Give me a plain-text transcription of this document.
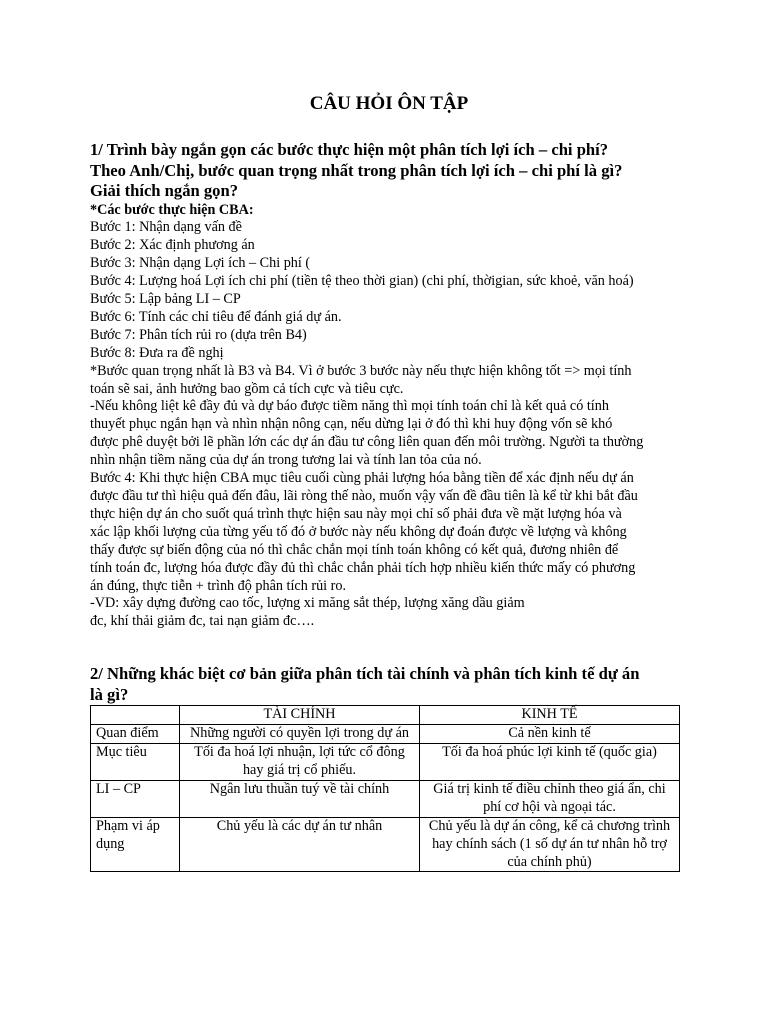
CÂU HỎI ÔN TẬP
1/ Trình bày ngắn gọn các bước thực hiện một phân tích lợi ích – chi phí?
Theo Anh/Chị, bước quan trọng nhất trong phân tích lợi ích – chi phí là gì?
Giải thích ngắn gọn?
*Các bước thực hiện CBA:
Bước 1: Nhận dạng vấn đề
Bước 2: Xác định phương án
Bước 3: Nhận dạng Lợi ích – Chi phí (
Bước 4: Lượng hoá Lợi ích chi phí (tiền tệ theo thời gian) (chi phí, thờigian, sức khoẻ, văn hoá)
Bước 5: Lập bảng LI – CP
Bước 6: Tính các chỉ tiêu để đánh giá dự án.
Bước 7: Phân tích rủi ro (dựa trên B4)
Bước 8: Đưa ra đề nghị
*Bước quan trọng nhất là B3 và B4. Vì ở bước 3 bước này nếu thực hiện không tốt => mọi tính
toán sẽ sai, ảnh hưởng bao gồm cả tích cực và tiêu cực.
-Nếu không liệt kê đầy đủ và dự báo được tiềm năng thì mọi tính toán chỉ là kết quả có tính
thuyết phục ngắn hạn và nhìn nhận nông cạn, nếu dừng lại ở đó thì khi huy động vốn sẽ khó
được phê duyệt bởi lẽ phần lớn các dự án đầu tư công liên quan đến môi trường. Người ta thường
nhìn nhận tiềm năng của dự án trong tương lai và tính lan tỏa của nó.
Bước 4: Khi thực hiện CBA mục tiêu cuối cùng phải lượng hóa bằng tiền để xác định nếu dự án
được đầu tư thì hiệu quả đến đâu, lãi ròng thế nào, muốn vậy vấn đề đầu tiên là kể từ khi bắt đầu
thực hiện dự án cho suốt quá trình thực hiện sau này mọi chỉ số phải đưa về mặt lượng hóa và
xác lập khối lượng của từng yếu tố đó ở bước này nếu không dự đoán được về lượng và không
thấy được sự biến động của nó thì chắc chắn mọi tính toán không có kết quả, đương nhiên để
tính toán đc, lượng hóa được đầy đủ thì chắc chắn phải tích hợp nhiều kiến thức mấy có phương
án đúng, thực tiễn + trình độ phân tích rủi ro.
-VD: xây dựng đường cao tốc, lượng xi măng sắt thép, lượng xăng dầu giảm
đc, khí thải giảm đc, tai nạn giảm đc….
2/ Những khác biệt cơ bản giữa phân tích tài chính và phân tích kinh tế dự án
là gì?
	TÀI CHÍNH	KINH TẾ
Quan điểm	Những người có quyền lợi trong dự án	Cả nền kinh tế
Mục tiêu	Tối đa hoá lợi nhuận, lợi tức cổ đông hay giá trị cổ phiếu.	Tối đa hoá phúc lợi kinh tế (quốc gia)
LI – CP	Ngân lưu thuần tuý về tài chính	Giá trị kinh tế điều chỉnh theo giá ẩn, chi phí cơ hội và ngoại tác.
Phạm vi áp dụng	Chủ yếu là các dự án tư nhân	Chủ yếu là dự án công, kể cả chương trình hay chính sách (1 số dự án tư nhân hỗ trợ của chính phủ)
